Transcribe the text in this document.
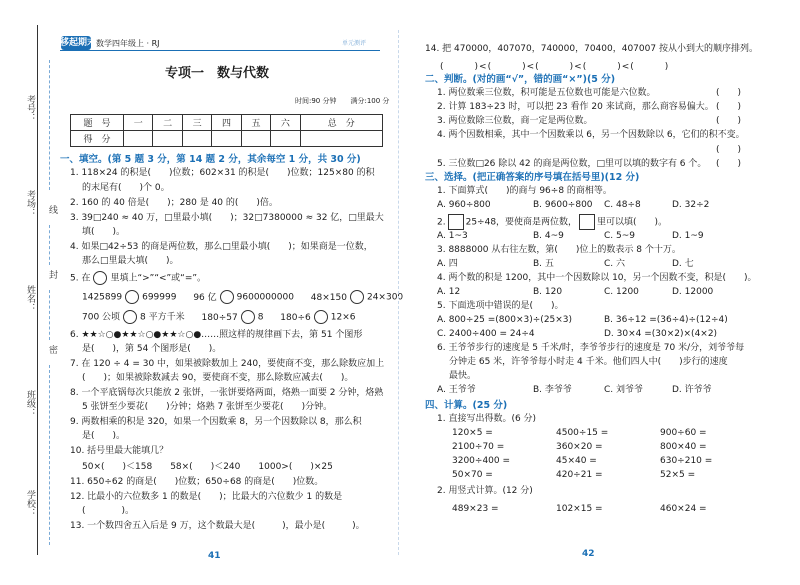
考号：
考场：
姓名：
班级：
学校：
线
封
密
移起期末 数学四年级上 · RJ	单元测评
专项一　数与代数
时间:90 分钟　　满分:100 分
题　号	一	二	三	四	五	六	总　分
得　分							
一、填空。(第 5 题 3 分，第 14 题 2 分，其余每空 1 分，共 30 分)
1. 118×24 的积是(　　)位数；602×31 的积是(　　)位数；125×80 的积
的末尾有(　　)个 0。
2. 160 的 40 倍是(　　)；280 是 40 的(　　)倍。
3. 39□240 ≈ 40 万，□里最小填(　　)；32□7380000 ≈ 32 亿，□里最大
填(　　)。
4. 如果□42÷53 的商是两位数，那么□里最小填(　　)；如果商是一位数，
那么□里最大填(　　)。
5. 在 里填上“>”“<”或“=”。
1425899 699999 96 亿 9600000000 48×150 24×300
700 公顷 8 平方千米 180÷57 8 180÷6 12×6
6. ★★☆○●★★☆○●★★☆○●……照这样的规律画下去，第 51 个图形
是(　　)，第 54 个图形是(　　)。
7. 在 120 ÷ 4 = 30 中，如果被除数加上 240，要使商不变，那么除数应加上
(　　)；如果被除数减去 90，要使商不变，那么除数应减去(　　)。
8. 一个平底锅每次只能放 2 张饼，一张饼要烙两面，烙熟一面要 2 分钟，烙熟
5 张饼至少要花(　　)分钟；烙熟 7 张饼至少要花(　　)分钟。
9. 两数相乘的积是 320，如果一个因数乘 8，另一个因数除以 8，那么积
是(　　)。
10. 括号里最大能填几？
50×(　　)＜158　　58×(　　)＜240　　1000>(　　)×25
11. 650÷62 的商是(　　)位数；650÷68 的商是(　　)位数。
12. 比最小的六位数多 1 的数是(　　)；比最大的六位数少 1 的数是
(　　　　)。
13. 一个数四舍五入后是 9 万，这个数最大是(　　　)，最小是(　　　)。
41
14. 把 470000，407070，740000，70400，407007 按从小到大的顺序排列。
(　　　)<(　　　)<(　　　)<(　　　)<(　　　)
二、判断。(对的画“√”，错的画“×”)(5 分)
1. 两位数乘三位数，积可能是五位数也可能是六位数。	(　　)
2. 计算 183÷23 时，可以把 23 看作 20 来试商，那么商容易偏大。 (　　)
3. 两位数除三位数，商一定是两位数。	(　　)
4. 两个因数相乘，其中一个因数乘以 6，另一个因数除以 6，它们的积不变。
(　　)
5. 三位数□26 除以 42 的商是两位数，□里可以填的数字有 6 个。 (　　)
三、选择。(把正确答案的序号填在括号里)(12 分)
1. 下面算式(　　)的商与 96÷8 的商相等。
A. 960÷800	B. 9600÷800 C. 48÷8	D. 32÷2
2. 25÷48，要使商是两位数， 里可以填(　　)。
A. 1~3	B. 4~9	C. 5~9	D. 1~9
3. 8888000 从右往左数，第(　　)位上的数表示 8 个十万。
A. 四	B. 五	C. 六	D. 七
4. 两个数的积是 1200，其中一个因数除以 10，另一个因数不变，积是(　　)。
A. 12	B. 120	C. 1200	D. 12000
5. 下面选项中错误的是(　　)。
A. 800÷25 =(800×3)÷(25×3)	B. 36÷12 =(36÷4)÷(12÷4)
C. 2400÷400 = 24÷4	D. 30×4 =(30×2)×(4×2)
6. 王爷爷步行的速度是 5 千米/时，李爷爷步行的速度是 70 米/分，刘爷爷每
分钟走 65 米，许爷爷每小时走 4 千米。他们四人中(　　)步行的速度
最快。
A. 王爷爷	B. 李爷爷	C. 刘爷爷	D. 许爷爷
四、计算。(25 分)
1. 直接写出得数。(6 分)
120×5 =	4500÷15 =	900÷60 =
2100÷70 =	360×20 =	800×40 =
3200÷400 =	45×40 =	630÷210 =
50×70 =	420÷21 =	52×5 =
2. 用竖式计算。(12 分)
489×23 =	102×15 =	460×24 =
42
